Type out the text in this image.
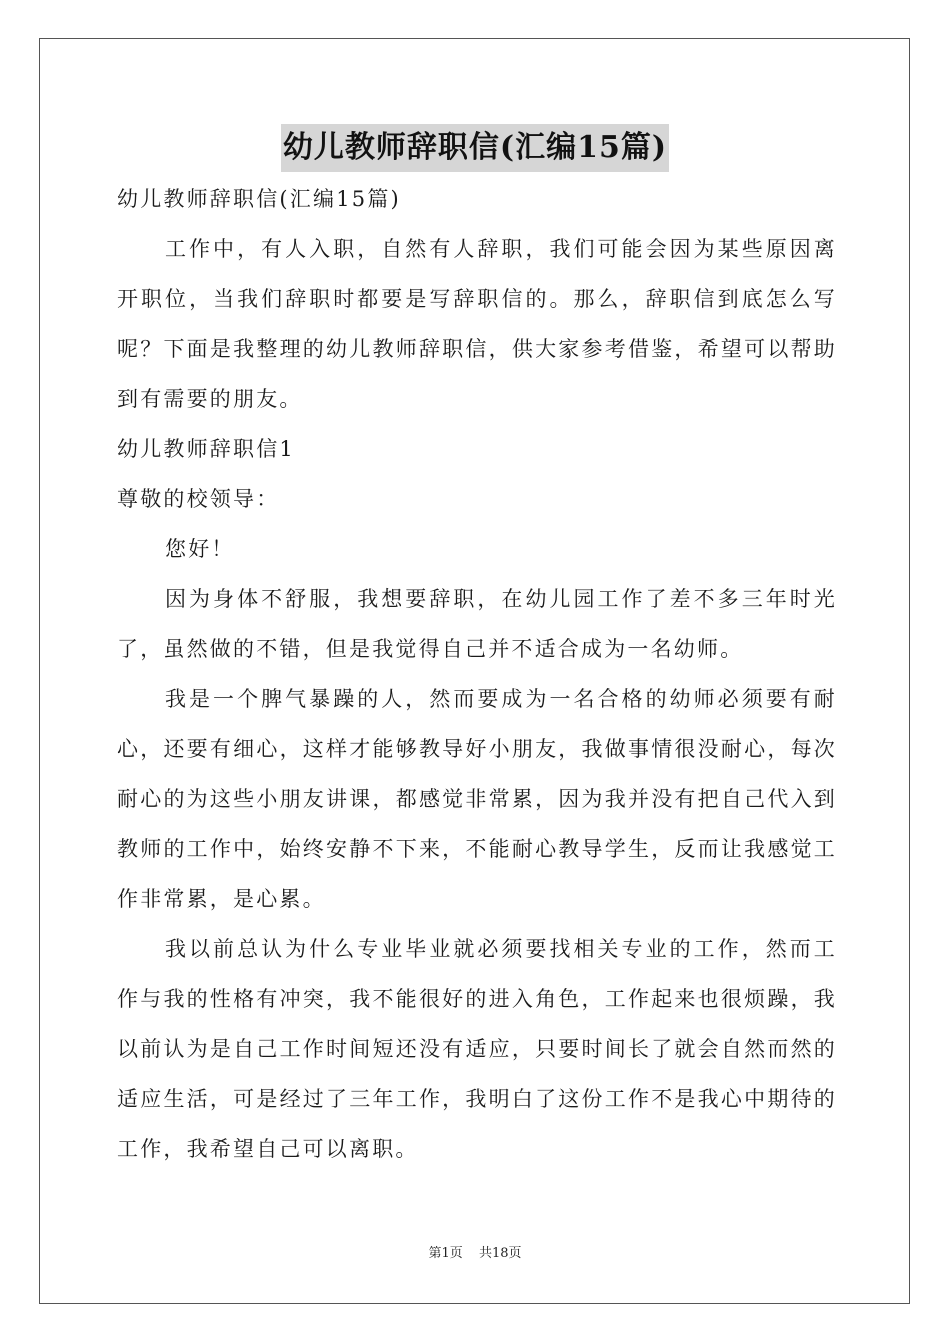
幼儿教师辞职信(汇编15篇)

幼儿教师辞职信(汇编15篇)

工作中，有人入职，自然有人辞职，我们可能会因为某些原因离开职位，当我们辞职时都要是写辞职信的。那么，辞职信到底怎么写呢？下面是我整理的幼儿教师辞职信，供大家参考借鉴，希望可以帮助到有需要的朋友。

幼儿教师辞职信1

尊敬的校领导：

您好！

因为身体不舒服，我想要辞职，在幼儿园工作了差不多三年时光了，虽然做的不错，但是我觉得自己并不适合成为一名幼师。

我是一个脾气暴躁的人，然而要成为一名合格的幼师必须要有耐心，还要有细心，这样才能够教导好小朋友，我做事情很没耐心，每次耐心的为这些小朋友讲课，都感觉非常累，因为我并没有把自己代入到教师的工作中，始终安静不下来，不能耐心教导学生，反而让我感觉工作非常累，是心累。

我以前总认为什么专业毕业就必须要找相关专业的工作，然而工作与我的性格有冲突，我不能很好的进入角色，工作起来也很烦躁，我以前认为是自己工作时间短还没有适应，只要时间长了就会自然而然的适应生活，可是经过了三年工作，我明白了这份工作不是我心中期待的工作，我希望自己可以离职。

第1页 共18页
